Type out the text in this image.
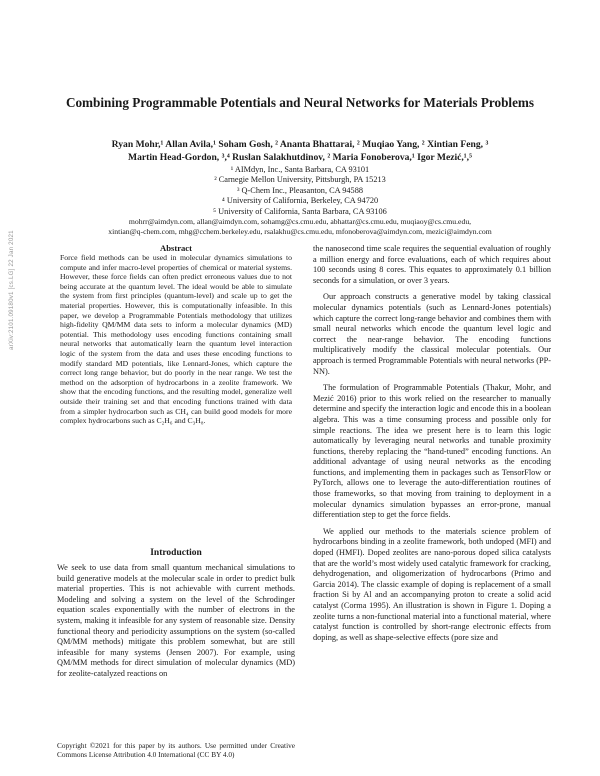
arXiv:2101.09180v1 [cs.LG] 22 Jan 2021
Combining Programmable Potentials and Neural Networks for Materials Problems
Ryan Mohr,¹ Allan Avila,¹ Soham Gosh, ² Ananta Bhattarai, ² Muqiao Yang, ² Xintian Feng, ³
Martin Head-Gordon, ³,⁴ Ruslan Salakhutdinov, ² Maria Fonoberova,¹ Igor Mezić,¹,⁵
¹ AIMdyn, Inc., Santa Barbara, CA 93101
² Carnegie Mellon University, Pittsburgh, PA 15213
³ Q-Chem Inc., Pleasanton, CA 94588
⁴ University of California, Berkeley, CA 94720
⁵ University of California, Santa Barbara, CA 93106
mohrr@aimdyn.com, allan@aimdyn.com, sohamg@cs.cmu.edu, abhattar@cs.cmu.edu, muqiaoy@cs.cmu.edu,
xintian@q-chem.com, mhg@cchem.berkeley.edu, rsalakhu@cs.cmu.edu, mfonoberova@aimdyn.com, mezici@aimdyn.com
Abstract
Force field methods can be used in molecular dynamics simulations to compute and infer macro-level properties of chemical or material systems. However, these force fields can often predict erroneous values due to not being accurate at the quantum level. The ideal would be able to simulate the system from first principles (quantum-level) and scale up to get the material properties. However, this is computationally infeasible. In this paper, we develop a Programmable Potentials methodology that utilizes high-fidelity QM/MM data sets to inform a molecular dynamics (MD) potential. This methodology uses encoding functions containing small neural networks that automatically learn the quantum level interaction logic of the system from the data and uses these encoding functions to modify standard MD potentials, like Lennard-Jones, which capture the correct long range behavior, but do poorly in the near range. We test the method on the adsorption of hydrocarbons in a zeolite framework. We show that the encoding functions, and the resulting model, generalize well outside their training set and that encoding functions trained with data from a simpler hydrocarbon such as CH₄ can build good models for more complex hydrocarbons such as C₂H₆ and C₃H₈.
Introduction
We seek to use data from small quantum mechanical simulations to build generative models at the molecular scale in order to predict bulk material properties. This is not achievable with current methods. Modeling and solving a system on the level of the Schrodinger equation scales exponentially with the number of electrons in the system, making it infeasible for any system of reasonable size. Density functional theory and periodicity assumptions on the system (so-called QM/MM methods) mitigate this problem somewhat, but are still infeasible for many systems (Jensen 2007). For example, using QM/MM methods for direct simulation of molecular dynamics (MD) for zeolite-catalyzed reactions on
Copyright ©2021 for this paper by its authors. Use permitted under Creative Commons License Attribution 4.0 International (CC BY 4.0)

the nanosecond time scale requires the sequential evaluation of roughly a million energy and force evaluations, each of which requires about 100 seconds using 8 cores. This equates to approximately 0.1 billion seconds for a simulation, or over 3 years.

Our approach constructs a generative model by taking classical molecular dynamics potentials (such as Lennard-Jones potentials) which capture the correct long-range behavior and combines them with small neural networks which encode the quantum level logic and correct the near-range behavior. The encoding functions multiplicatively modify the classical molecular potentials. Our approach is termed Programmable Potentials with neural networks (PP-NN).

The formulation of Programmable Potentials (Thakur, Mohr, and Mezić 2016) prior to this work relied on the researcher to manually determine and specify the interaction logic and encode this in a boolean algebra. This was a time consuming process and possible only for simple reactions. The idea we present here is to learn this logic automatically by leveraging neural networks and tunable proximity functions, thereby replacing the “hand-tuned” encoding functions. An additional advantage of using neural networks as the encoding functions, and implementing them in packages such as TensorFlow or PyTorch, allows one to leverage the auto-differentiation routines of those frameworks, so that moving from training to deployment in a molecular dynamics simulation bypasses an error-prone, manual differentiation step to get the force fields.

We applied our methods to the materials science problem of hydrocarbons binding in a zeolite framework, both undoped (MFI) and doped (HMFI). Doped zeolites are nano-porous doped silica catalysts that are the world’s most widely used catalytic framework for cracking, dehydrogenation, and oligomerization of hydrocarbons (Primo and Garcia 2014). The classic example of doping is replacement of a small fraction Si by Al and an accompanying proton to create a solid acid catalyst (Corma 1995). An illustration is shown in Figure 1. Doping a zeolite turns a non-functional material into a functional material, where catalyst function is controlled by short-range electronic effects from doping, as well as shape-selective effects (pore size and
